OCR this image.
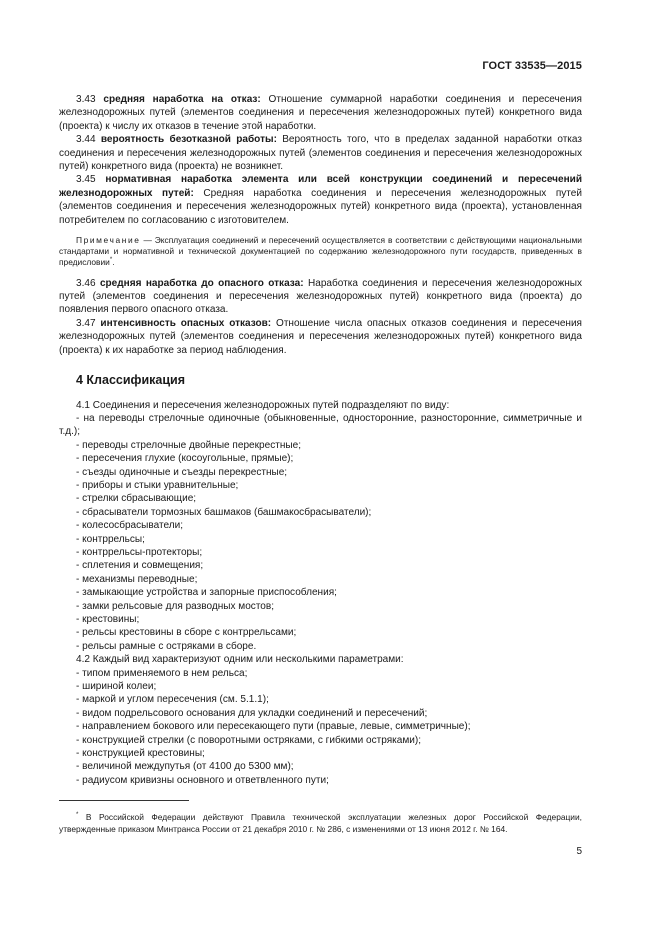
ГОСТ 33535—2015

3.43 средняя наработка на отказ: Отношение суммарной наработки соединения и пересечения железнодорожных путей (элементов соединения и пересечения железнодорожных путей) конкретного вида (проекта) к числу их отказов в течение этой наработки.

3.44 вероятность безотказной работы: Вероятность того, что в пределах заданной наработки отказ соединения и пересечения железнодорожных путей (элементов соединения и пересечения железнодорожных путей) конкретного вида (проекта) не возникнет.

3.45 нормативная наработка элемента или всей конструкции соединений и пересечений железнодорожных путей: Средняя наработка соединения и пересечения железнодорожных путей (элементов соединения и пересечения железнодорожных путей) конкретного вида (проекта), установленная потребителем по согласованию с изготовителем.

Примечание — Эксплуатация соединений и пересечений осуществляется в соответствии с действующими национальными стандартами и нормативной и технической документацией по содержанию железнодорожного пути государств, приведенных в предисловии*.

3.46 средняя наработка до опасного отказа: Наработка соединения и пересечения железнодорожных путей (элементов соединения и пересечения железнодорожных путей) конкретного вида (проекта) до появления первого опасного отказа.

3.47 интенсивность опасных отказов: Отношение числа опасных отказов соединения и пересечения железнодорожных путей (элементов соединения и пересечения железнодорожных путей) конкретного вида (проекта) к их наработке за период наблюдения.

4 Классификация

4.1 Соединения и пересечения железнодорожных путей подразделяют по виду:

- на переводы стрелочные одиночные (обыкновенные, односторонние, разносторонние, симметричные и т.д.);
- переводы стрелочные двойные перекрестные;
- пересечения глухие (косоугольные, прямые);
- съезды одиночные и съезды перекрестные;
- приборы и стыки уравнительные;
- стрелки сбрасывающие;
- сбрасыватели тормозных башмаков (башмакосбрасыватели);
- колесосбрасыватели;
- контррельсы;
- контррельсы-протекторы;
- сплетения и совмещения;
- механизмы переводные;
- замыкающие устройства и запорные приспособления;
- замки рельсовые для разводных мостов;
- крестовины;
- рельсы крестовины в сборе с контррельсами;
- рельсы рамные с остряками в сборе.

4.2 Каждый вид характеризуют одним или несколькими параметрами:

- типом применяемого в нем рельса;
- шириной колеи;
- маркой и углом пересечения (см. 5.1.1);
- видом подрельсового основания для укладки соединений и пересечений;
- направлением бокового или пересекающего пути (правые, левые, симметричные);
- конструкцией стрелки (с поворотными остряками, с гибкими остряками);
- конструкцией крестовины;
- величиной междупутья (от 4100 до 5300 мм);
- радиусом кривизны основного и ответвленного пути;

* В Российской Федерации действуют Правила технической эксплуатации железных дорог Российской Федерации, утвержденные приказом Минтранса России от 21 декабря 2010 г. № 286, с изменениями от 13 июня 2012 г. № 164.

5
